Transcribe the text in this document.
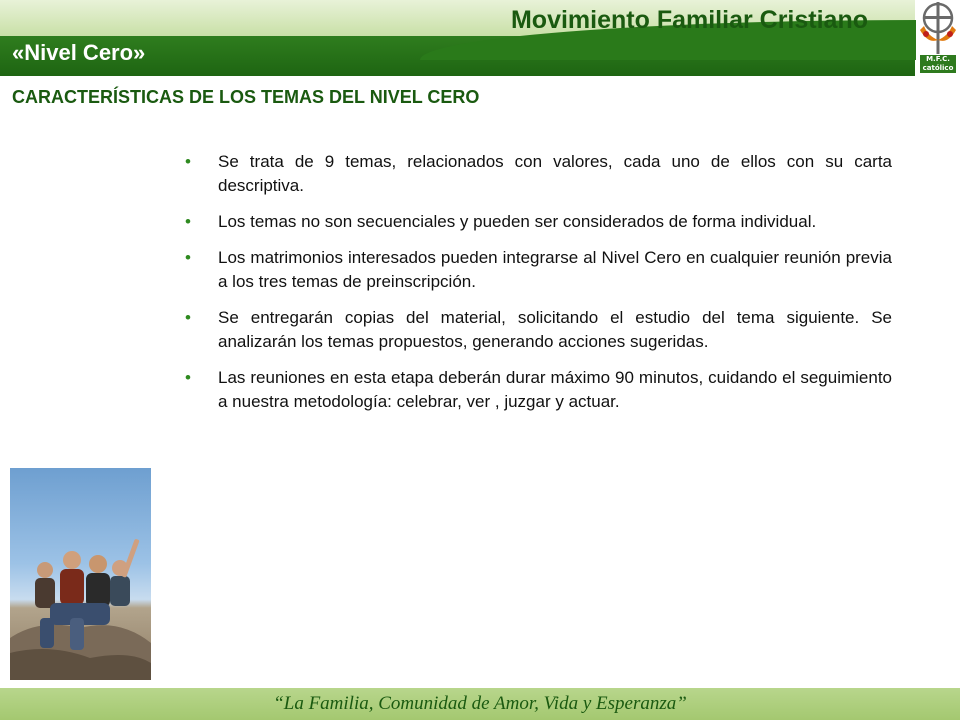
Movimiento Familiar Cristiano
«Nivel Cero»	M.F.C. católico
CARACTERÍSTICAS DE LOS TEMAS DEL NIVEL CERO
• Se trata de 9 temas, relacionados con valores, cada uno de ellos con su carta descriptiva.
• Los temas no son secuenciales y pueden ser considerados de forma individual.
• Los matrimonios interesados pueden integrarse al Nivel Cero en cualquier reunión previa a los tres temas de preinscripción.
• Se entregarán copias del material, solicitando el estudio del tema siguiente. Se analizarán los temas propuestos, generando acciones sugeridas.
• Las reuniones en esta etapa deberán durar máximo 90 minutos, cuidando el seguimiento a nuestra metodología: celebrar, ver , juzgar y actuar.
“La Familia, Comunidad de Amor, Vida y Esperanza”
